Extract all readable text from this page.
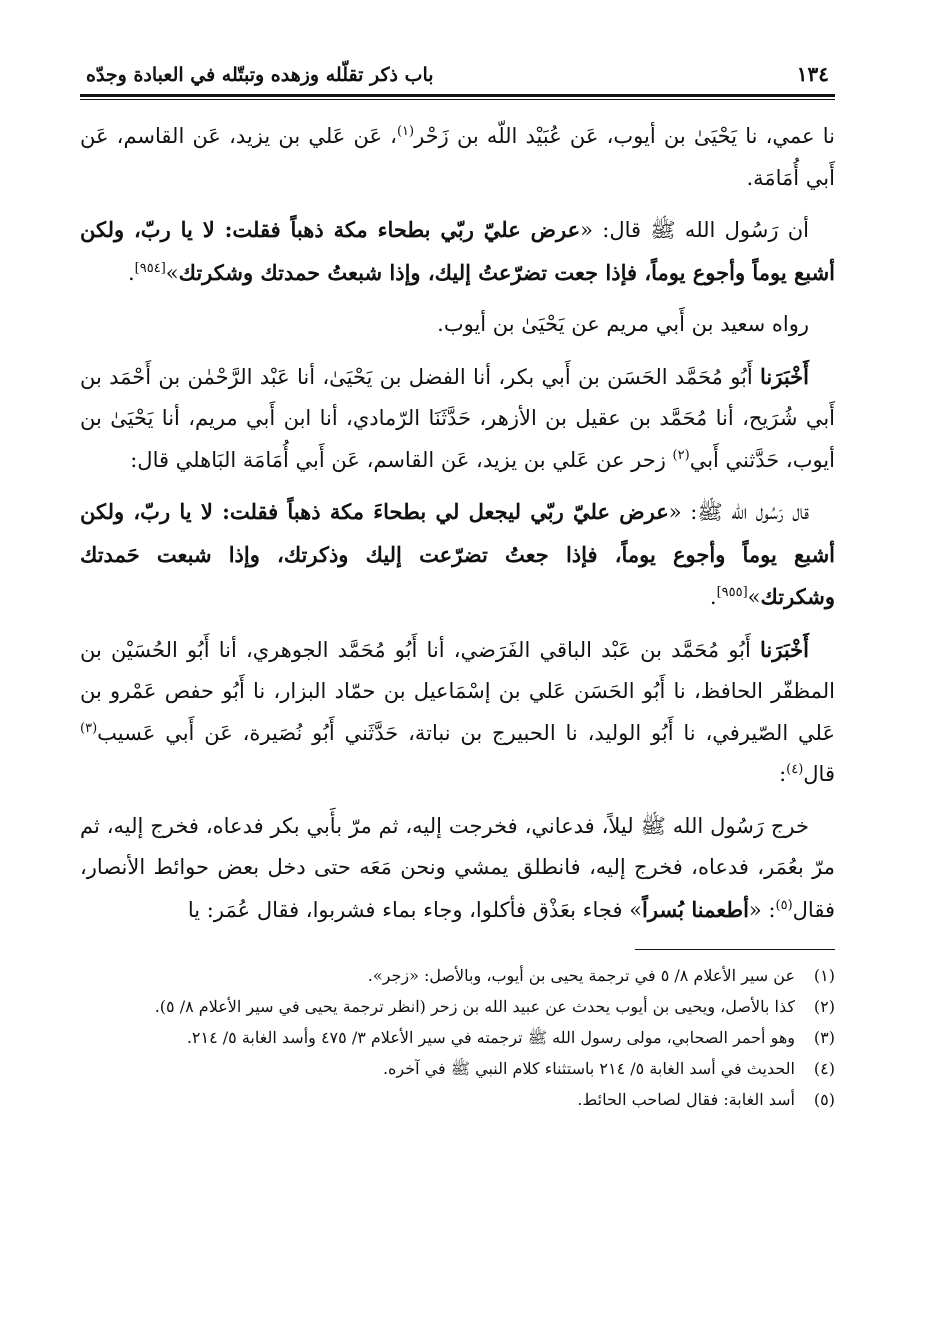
١٣٤
باب ذكر تقلّله وزهده وتبتّله في العبادة وجدّه

نا عمي، نا يَحْيَىٰ بن أيوب، عَن عُبَيْد اللّه بن زَحْر$^{(١)}$، عَن عَلي بن يزيد، عَن القاسم، عَن أَبي أُمَامَة.

أن رَسُول الله ﷺ قال: «عرض عليّ ربّي بطحاء مكة ذهباً فقلت: لا يا ربّ، ولكن أشبع يوماً وأجوع يوماً، فإذا جعت تضرّعتُ إليك، وإذا شبعتُ حمدتك وشكرتك»[٩٥٤].

رواه سعيد بن أَبي مريم عن يَحْيَىٰ بن أيوب.

أَخْبَرَنا أَبُو مُحَمَّد الحَسَن بن أَبي بكر، أنا الفضل بن يَحْيَىٰ، أنا عَبْد الرَّحْمٰن بن أَحْمَد بن أَبي شُرَيح، أنا مُحَمَّد بن عقيل بن الأزهر، حَدَّثَنَا الرّمادي، أنا ابن أَبي مريم، أنا يَحْيَىٰ بن أيوب، حَدَّثني أَبي$^{(٢)}$ زحر عن عَلي بن يزيد، عَن القاسم، عَن أَبي أُمَامَة البَاهلي قال:

قال رَسُول الله ﷺ: «عرض عليّ ربّي ليجعل لي بطحاءَ مكة ذهباً فقلت: لا يا ربّ، ولكن أشبع يوماً وأجوع يوماً، فإذا جعتُ تضرّعت إليك وذكرتك، وإذا شبعت حَمدتك وشكرتك»[٩٥٥].

أَخْبَرَنا أَبُو مُحَمَّد بن عَبْد الباقي الفَرَضي، أنا أَبُو مُحَمَّد الجوهري، أنا أَبُو الحُسَيْن بن المظفّر الحافظ، نا أَبُو الحَسَن عَلي بن إسْمَاعيل بن حمّاد البزار، نا أَبُو حفص عَمْرو بن عَلي الصّيرفي، نا أَبُو الوليد، نا الحبيرج بن نباتة، حَدَّثَني أَبُو نُصَيرة، عَن أَبي عَسيب$^{(٣)}$ قال$^{(٤)}$:

خرج رَسُول الله ﷺ ليلاً، فدعاني، فخرجت إليه، ثم مرّ بأَبي بكر فدعاه، فخرج إليه، ثم مرّ بعُمَر، فدعاه، فخرج إليه، فانطلق يمشي ونحن مَعَه حتى دخل بعض حوائط الأنصار، فقال$^{(٥)}$: «أطعمنا بُسراً» فجاء بعَذْق فأكلوا، وجاء بماء فشربوا، فقال عُمَر: يا

(١)
عن سير الأعلام ٨/ ٥ في ترجمة يحيى بن أيوب، وبالأصل: «زجر».
(٢)
كذا بالأصل، ويحيى بن أيوب يحدث عن عبيد الله بن زحر (انظر ترجمة يحيى في سير الأعلام ٨/ ٥).
(٣)
وهو أحمر الصحابي، مولى رسول الله ﷺ ترجمته في سير الأعلام ٣/ ٤٧٥ وأسد الغابة ٥/ ٢١٤.
(٤)
الحديث في أسد الغابة ٥/ ٢١٤ باستثناء كلام النبي ﷺ في آخره.
(٥)
أسد الغابة: فقال لصاحب الحائط.
